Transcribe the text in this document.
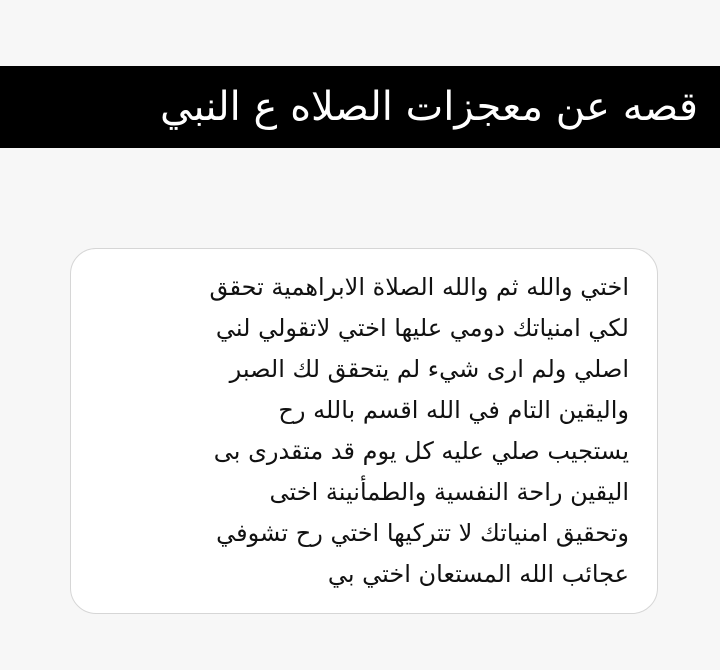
قصه عن معجزات الصلاه ع النبي
اختي والله ثم والله الصلاة الابراهمية تحقق
لكي امنياتك دومي عليها اختي لاتقولي لني
اصلي ولم ارى شيء لم يتحقق لك الصبر
واليقين التام في الله اقسم بالله رح
يستجيب صلي عليه كل يوم قد متقدرى بى
اليقين راحة النفسية والطمأنينة اختى
وتحقيق امنياتك لا تتركيها اختي رح تشوفي
عجائب الله المستعان اختي بي
